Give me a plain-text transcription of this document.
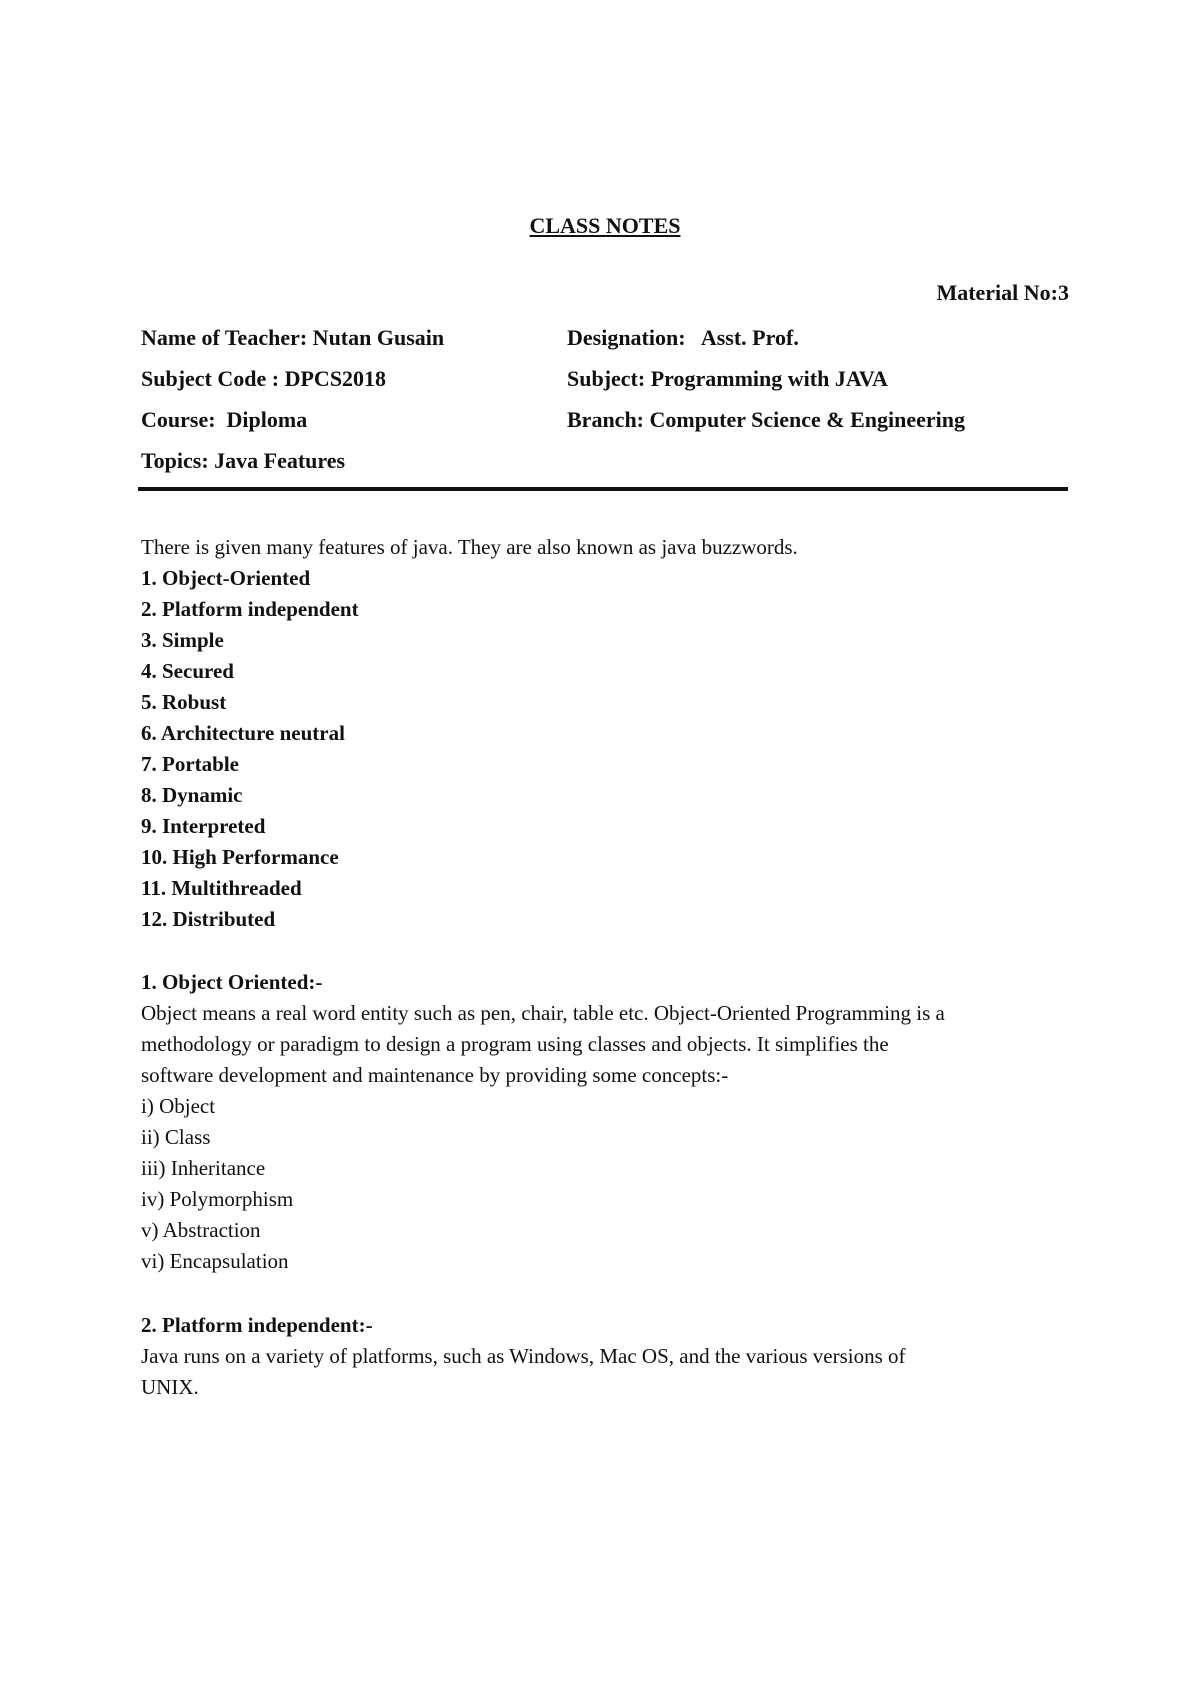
CLASS NOTES
Material No:3
Name of Teacher: Nutan Gusain	Designation:   Asst. Prof.
Subject Code : DPCS2018	Subject: Programming with JAVA
Course:  Diploma	Branch: Computer Science & Engineering
Topics: Java Features
There is given many features of java. They are also known as java buzzwords.
1. Object-Oriented
2. Platform independent
3. Simple
4. Secured
5. Robust
6. Architecture neutral
7. Portable
8. Dynamic
9. Interpreted
10. High Performance
11. Multithreaded
12. Distributed
1. Object Oriented:-
Object means a real word entity such as pen, chair, table etc. Object-Oriented Programming is a
methodology or paradigm to design a program using classes and objects. It simplifies the
software development and maintenance by providing some concepts:-
i) Object
ii) Class
iii) Inheritance
iv) Polymorphism
v) Abstraction
vi) Encapsulation
2. Platform independent:-
Java runs on a variety of platforms, such as Windows, Mac OS, and the various versions of
UNIX.
